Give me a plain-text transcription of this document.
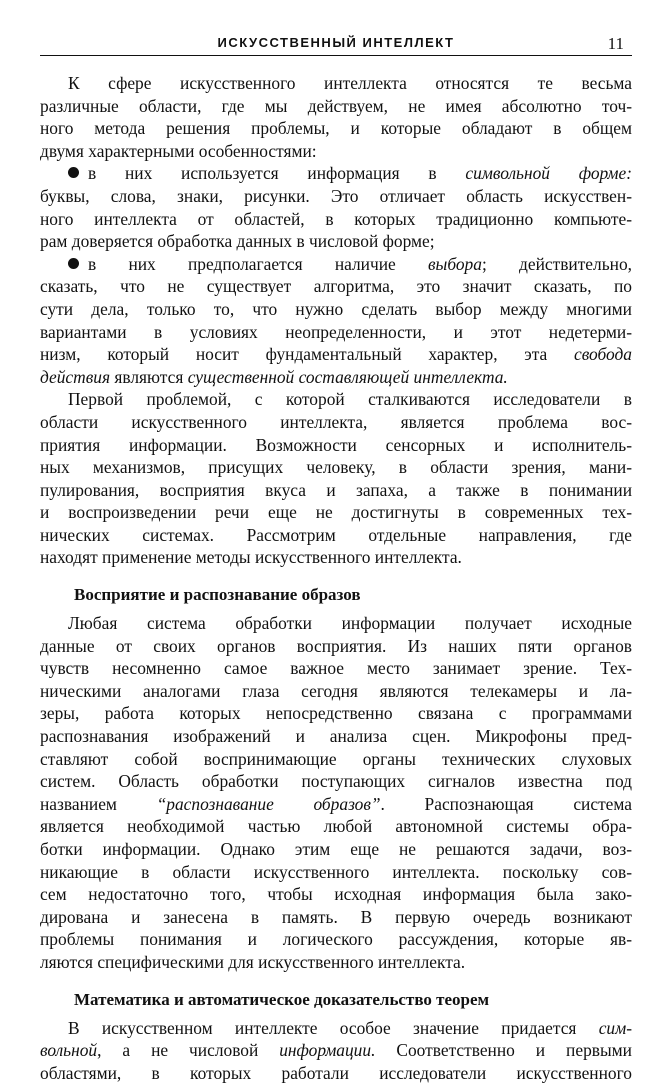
ИСКУССТВЕННЫЙ ИНТЕЛЛЕКТ	11
К сфере искусственного интеллекта относятся те весьма
различные области, где мы действуем, не имея абсолютно точ-
ного метода решения проблемы, и которые обладают в общем
двумя характерными особенностями:
в них используется информация в символьной форме:
буквы, слова, знаки, рисунки. Это отличает область искусствен-
ного интеллекта от областей, в которых традиционно компьюте-
рам доверяется обработка данных в числовой форме;
в них предполагается наличие выбора; действительно,
сказать, что не существует алгоритма, это значит сказать, по
сути дела, только то, что нужно сделать выбор между многими
вариантами в условиях неопределенности, и этот недетерми-
низм, который носит фундаментальный характер, эта свобода
действия являются существенной составляющей интеллекта.
Первой проблемой, с которой сталкиваются исследователи в
области искусственного интеллекта, является проблема вос-
приятия информации. Возможности сенсорных и исполнитель-
ных механизмов, присущих человеку, в области зрения, мани-
пулирования, восприятия вкуса и запаха, а также в понимании
и воспроизведении речи еще не достигнуты в современных тех-
нических системах. Рассмотрим отдельные направления, где
находят применение методы искусственного интеллекта.
Восприятие и распознавание образов
Любая система обработки информации получает исходные
данные от своих органов восприятия. Из наших пяти органов
чувств несомненно самое важное место занимает зрение. Тех-
ническими аналогами глаза сегодня являются телекамеры и ла-
зеры, работа которых непосредственно связана с программами
распознавания изображений и анализа сцен. Микрофоны пред-
ставляют собой воспринимающие органы технических слуховых
систем. Область обработки поступающих сигналов известна под
названием “распознавание образов”. Распознающая система
является необходимой частью любой автономной системы обра-
ботки информации. Однако этим еще не решаются задачи, воз-
никающие в области искусственного интеллекта. поскольку сов-
сем недостаточно того, чтобы исходная информация была зако-
дирована и занесена в память. В первую очередь возникают
проблемы понимания и логического рассуждения, которые яв-
ляются специфическими для искусственного интеллекта.
Математика и автоматическое доказательство теорем
В искусственном интеллекте особое значение придается сим-
вольной, а не числовой информации. Соответственно и первыми
областями, в которых работали исследователи искусственного
